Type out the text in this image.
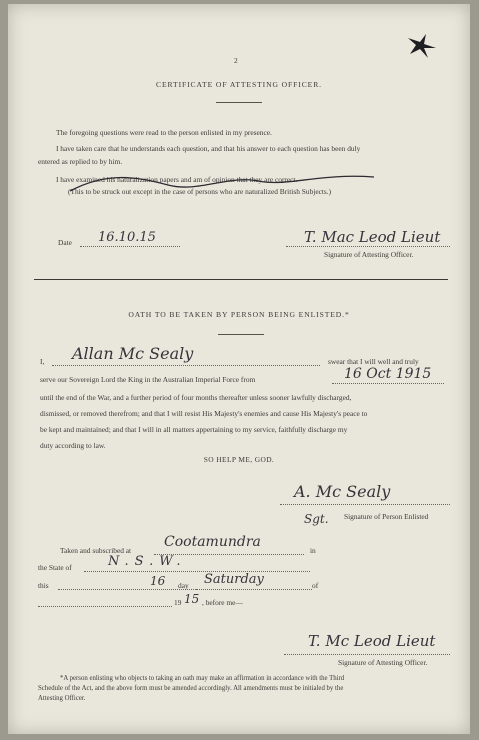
2
CERTIFICATE OF ATTESTING OFFICER.
The foregoing questions were read to the person enlisted in my presence.
I have taken care that he understands each question, and that his answer to each question has been duly
entered as replied to by him.
I have examined his naturalization papers and am of opinion that they are correct.
(This to be struck out except in the case of persons who are naturalized British Subjects.)
Date 16.10.15	T. Mac Leod Lieut
Signature of Attesting Officer.
OATH TO BE TAKEN BY PERSON BEING ENLISTED.*
I, Allan Mc Sealy	swear that I will well and truly
serve our Sovereign Lord the King in the Australian Imperial Force from	16 Oct 1915
until the end of the War, and a further period of four months thereafter unless sooner lawfully discharged,
dismissed, or removed therefrom; and that I will resist His Majesty's enemies and cause His Majesty's peace to
be kept and maintained; and that I will in all matters appertaining to my service, faithfully discharge my
duty according to law.
SO HELP ME, GOD.
A. Mc Sealy
Sgt. Signature of Person Enlisted
Taken and subscribed at
Cootamundra
in
the State of	N.S.W.
this	16 day Saturday	of
19 15 , before me—
T. Mc Leod Lieut
Signature of Attesting Officer.
*A person enlisting who objects to taking an oath may make an affirmation in accordance with the Third
Schedule of the Act, and the above form must be amended accordingly. All amendments must be initialed by the
Attesting Officer.
